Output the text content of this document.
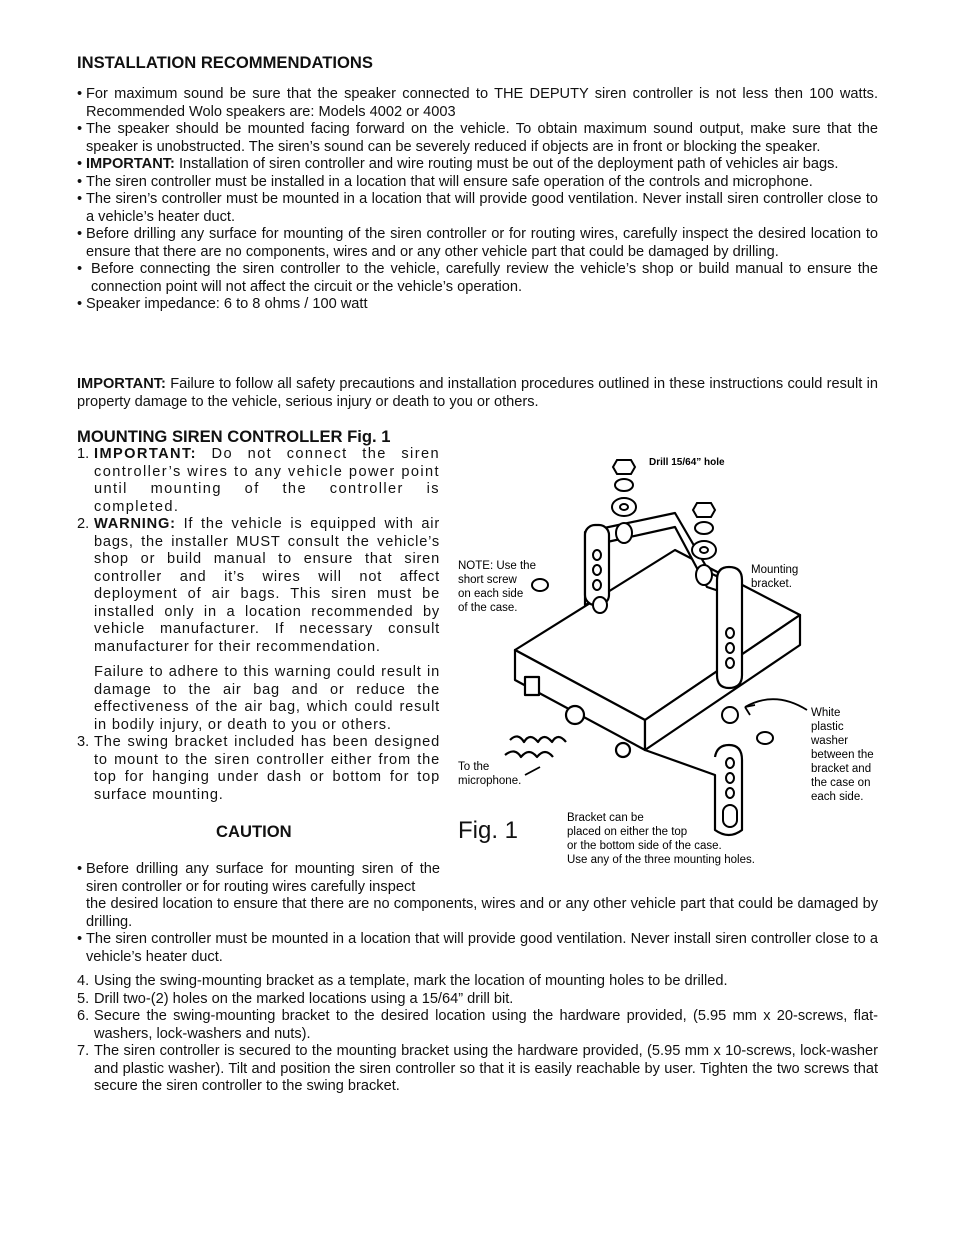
INSTALLATION RECOMMENDATIONS
• For maximum sound be sure that the speaker connected to THE DEPUTY siren controller is not less then 100 watts. Recommended Wolo speakers are: Models 4002 or 4003
• The speaker should be mounted facing forward on the vehicle. To obtain maximum sound output, make sure that the speaker is unobstructed. The siren’s sound can be severely reduced if objects are in front or blocking the speaker.
• IMPORTANT: Installation of siren controller and wire routing must be out of the deployment path of vehicles air bags.
• The siren controller must be installed in a location that will ensure safe operation of the controls and microphone.
• The siren’s controller must be mounted in a location that will provide good ventilation. Never install siren controller close to a vehicle’s heater duct.
• Before drilling any surface for mounting of the siren controller or for routing wires, carefully inspect the desired location to ensure that there are no components, wires and or any other vehicle part that could be damaged by drilling.
• Before connecting the siren controller to the vehicle, carefully review the vehicle’s shop or build manual to ensure the connection point will not affect the circuit or the vehicle’s operation.
• Speaker impedance: 6 to 8 ohms / 100 watt
IMPORTANT: Failure to follow all safety precautions and installation procedures outlined in these instructions could result in property damage to the vehicle, serious injury or death to you or others.
MOUNTING SIREN CONTROLLER Fig. 1
1. IMPORTANT: Do not connect the siren controller’s wires to any vehicle power point until mounting of the controller is completed.

2. WARNING: If the vehicle is equipped with air bags, the installer MUST consult the vehicle’s shop or build manual to ensure that siren controller and it’s wires will not affect deployment of air bags. This siren must be installed only in a location recommended by vehicle manufacturer. If necessary consult manufacturer for their recommendation.

Failure to adhere to this warning could result in damage to the air bag and or reduce the effectiveness of the air bag, which could result in bodily injury, or death to you or others.

3. The swing bracket included has been designed to mount to the siren controller either from the top for hanging under dash or bottom for top surface mounting.

CAUTION
• Before drilling any surface for mounting siren of the siren controller or for routing wires carefully inspect
the desired location to ensure that there are no components, wires and or any other vehicle part that could be damaged by drilling.
• The siren controller must be mounted in a location that will provide good ventilation. Never install siren controller close to a vehicle’s heater duct.
4. Using the swing-mounting bracket as a template, mark the location of mounting holes to be drilled.
5. Drill two-(2) holes on the marked locations using a 15/64” drill bit.
6. Secure the swing-mounting bracket to the desired location using the hardware provided, (5.95 mm x 20-screws, flat-washers, lock-washers and nuts).
7. The siren controller is secured to the mounting bracket using the hardware provided, (5.95 mm x 10-screws, lock-washer and plastic washer). Tilt and position the siren controller so that it is easily reachable by user. Tighten the two screws that secure the siren controller to the swing bracket.
Drill 15/64” hole
NOTE: Use the
short screw
on each side
of the case.
Mounting
bracket.
White
plastic
washer
between the
bracket and
the case on
each side.
To the
microphone.
Fig. 1	Bracket can be
placed on either the top
or the bottom side of the case.
Use any of the three mounting holes.
